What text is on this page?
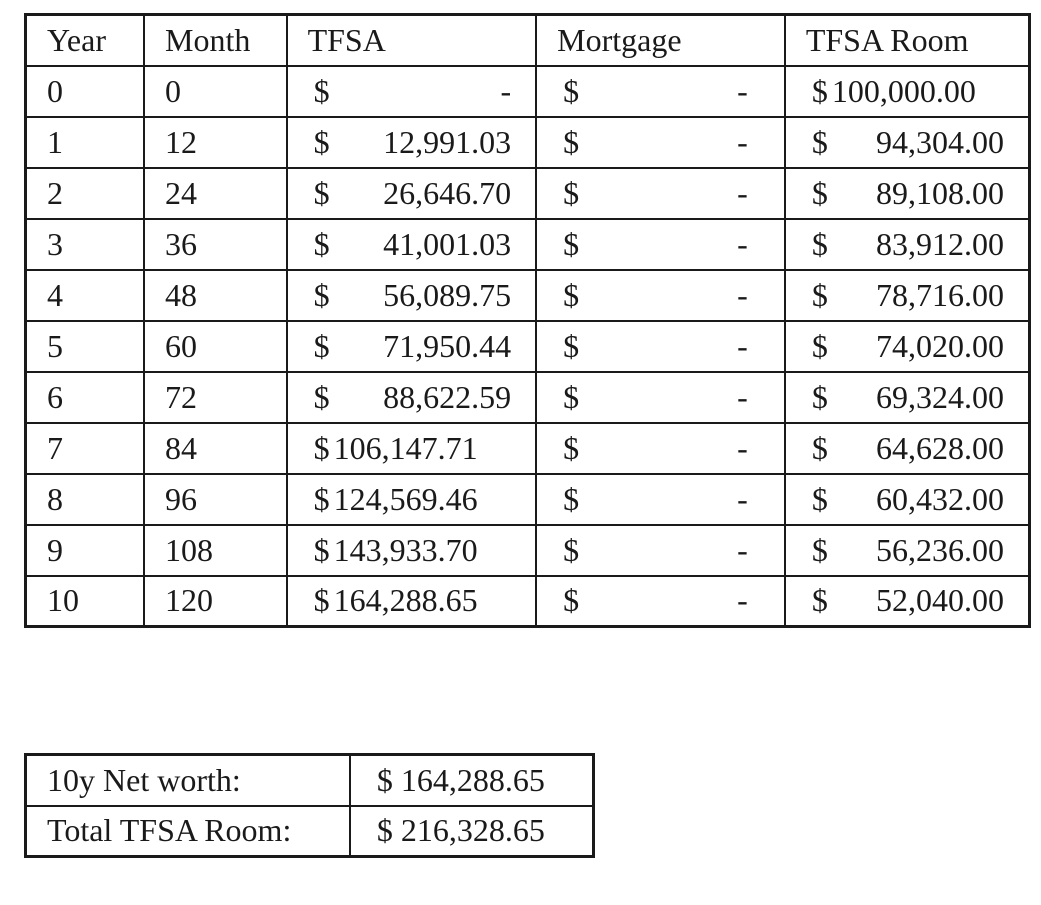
Year	Month	TFSA	Mortgage	TFSA Room
0	0	$ -	$ -	$ 100,000.00

1	12	$ 12,991.03	$ -	$ 94,304.00

2	24	$ 26,646.70	$ -	$ 89,108.00

3	36	$ 41,001.03	$ -	$ 83,912.00

4	48	$ 56,089.75	$ -	$ 78,716.00

5	60	$ 71,950.44	$ -	$ 74,020.00

6	72	$ 88,622.59	$ -	$ 69,324.00

7	84	$ 106,147.71	$ -	$ 64,628.00

8	96	$ 124,569.46	$ -	$ 60,432.00

9	108	$ 143,933.70	$ -	$ 56,236.00

10	120	$ 164,288.65	$ -	$ 52,040.00
10y Net worth:	$ 164,288.65
Total TFSA Room:	$ 216,328.65
